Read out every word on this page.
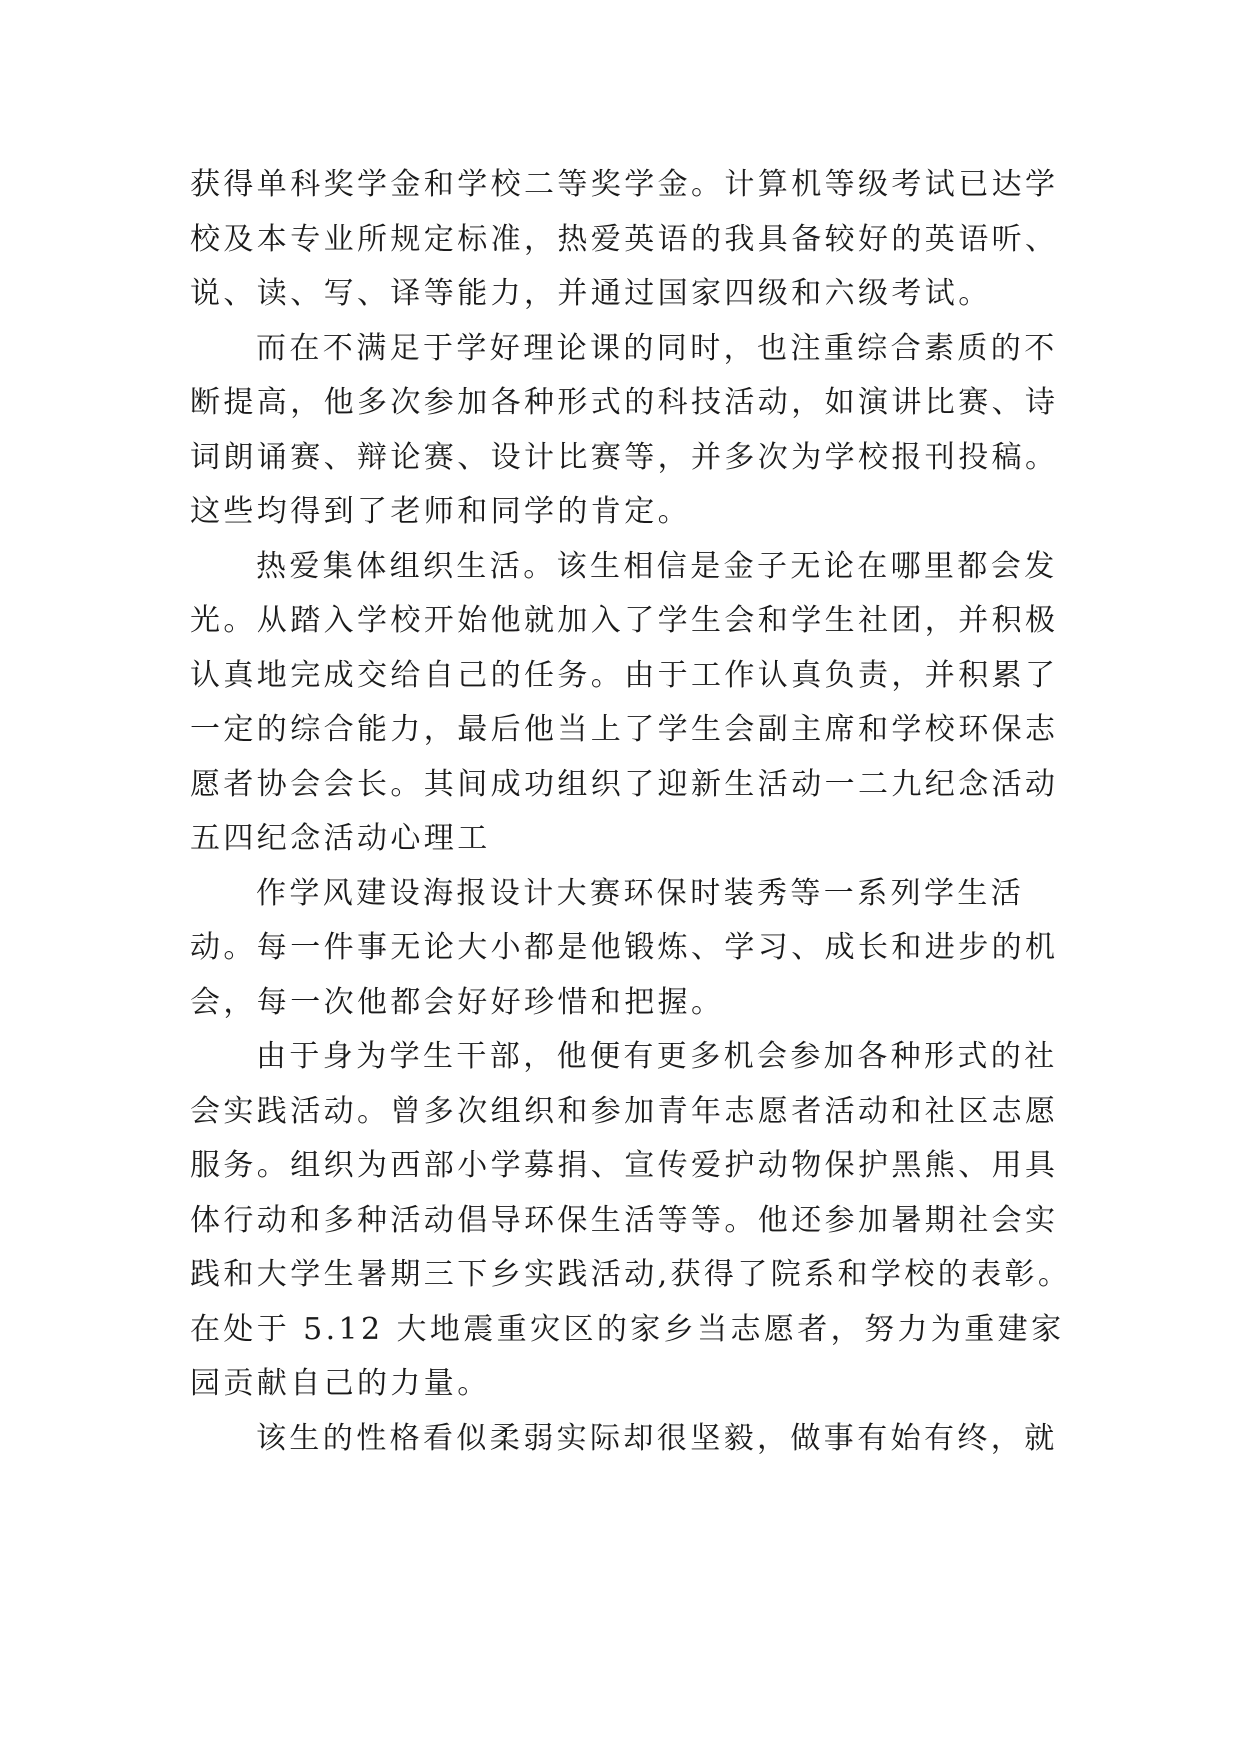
获得单科奖学金和学校二等奖学金。计算机等级考试已达学
校及本专业所规定标准，热爱英语的我具备较好的英语听、
说、读、写、译等能力，并通过国家四级和六级考试。
而在不满足于学好理论课的同时，也注重综合素质的不
断提高，他多次参加各种形式的科技活动，如演讲比赛、诗
词朗诵赛、辩论赛、设计比赛等，并多次为学校报刊投稿。
这些均得到了老师和同学的肯定。
热爱集体组织生活。该生相信是金子无论在哪里都会发
光。从踏入学校开始他就加入了学生会和学生社团，并积极
认真地完成交给自己的任务。由于工作认真负责，并积累了
一定的综合能力，最后他当上了学生会副主席和学校环保志
愿者协会会长。其间成功组织了迎新生活动一二九纪念活动
五四纪念活动心理工
作学风建设海报设计大赛环保时装秀等一系列学生活
动。每一件事无论大小都是他锻炼、学习、成长和进步的机
会，每一次他都会好好珍惜和把握。
由于身为学生干部，他便有更多机会参加各种形式的社
会实践活动。曾多次组织和参加青年志愿者活动和社区志愿
服务。组织为西部小学募捐、宣传爱护动物保护黑熊、用具
体行动和多种活动倡导环保生活等等。他还参加暑期社会实
践和大学生暑期三下乡实践活动,获得了院系和学校的表彰。
在处于 5.12 大地震重灾区的家乡当志愿者，努力为重建家
园贡献自己的力量。
该生的性格看似柔弱实际却很坚毅，做事有始有终，就
